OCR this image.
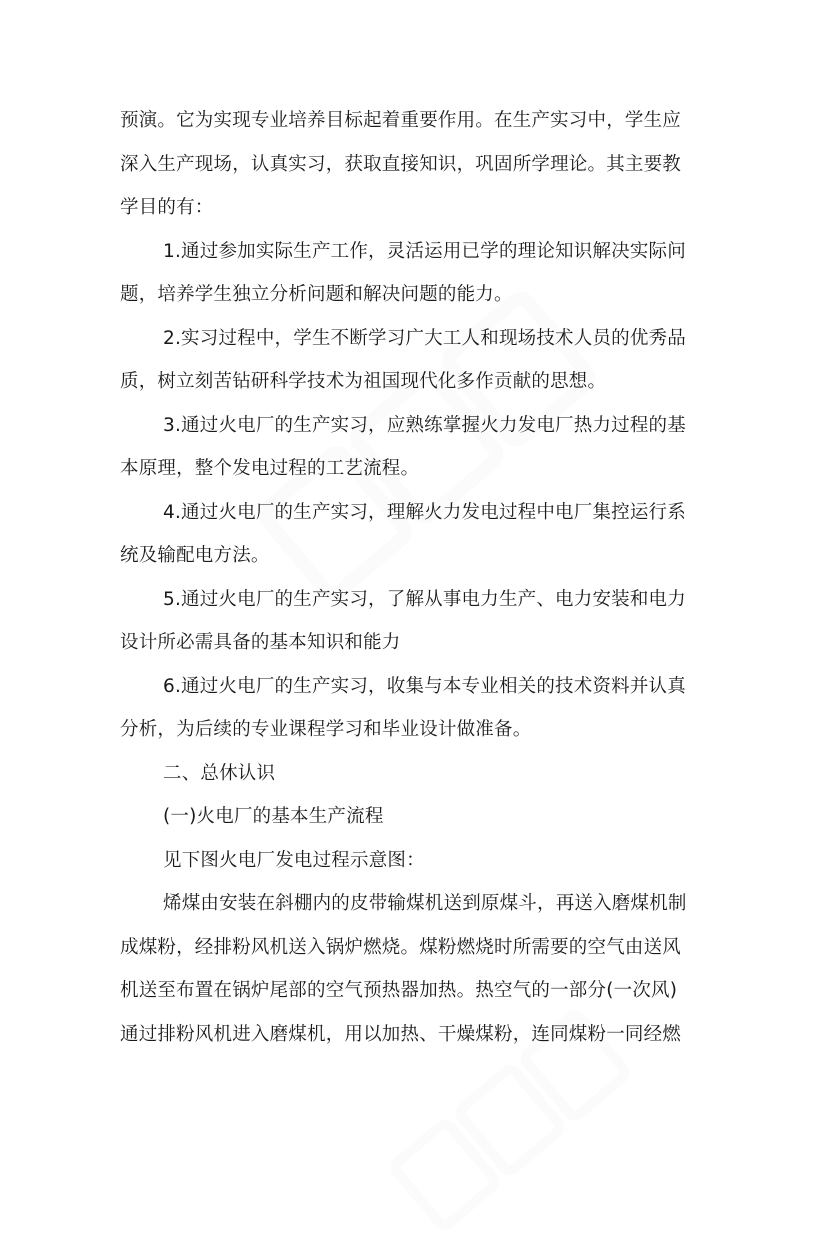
预演。它为实现专业培养目标起着重要作用。在生产实习中，学生应

深入生产现场，认真实习，获取直接知识，巩固所学理论。其主要教

学目的有：

1.通过参加实际生产工作，灵活运用已学的理论知识解决实际问

题，培养学生独立分析问题和解决问题的能力。

2.实习过程中，学生不断学习广大工人和现场技术人员的优秀品

质，树立刻苦钻研科学技术为祖国现代化多作贡献的思想。

3.通过火电厂的生产实习，应熟练掌握火力发电厂热力过程的基

本原理，整个发电过程的工艺流程。

4.通过火电厂的生产实习，理解火力发电过程中电厂集控运行系

统及输配电方法。

5.通过火电厂的生产实习，了解从事电力生产、电力安装和电力

设计所必需具备的基本知识和能力

6.通过火电厂的生产实习，收集与本专业相关的技术资料并认真

分析，为后续的专业课程学习和毕业设计做准备。

二、总休认识

(一)火电厂的基本生产流程

见下图火电厂发电过程示意图：

烯煤由安装在斜棚内的皮带输煤机送到原煤斗，再送入磨煤机制

成煤粉，经排粉风机送入锅炉燃烧。煤粉燃烧时所需要的空气由送风

机送至布置在锅炉尾部的空气预热器加热。热空气的一部分(一次风)

通过排粉风机进入磨煤机，用以加热、干燥煤粉，连同煤粉一同经燃
